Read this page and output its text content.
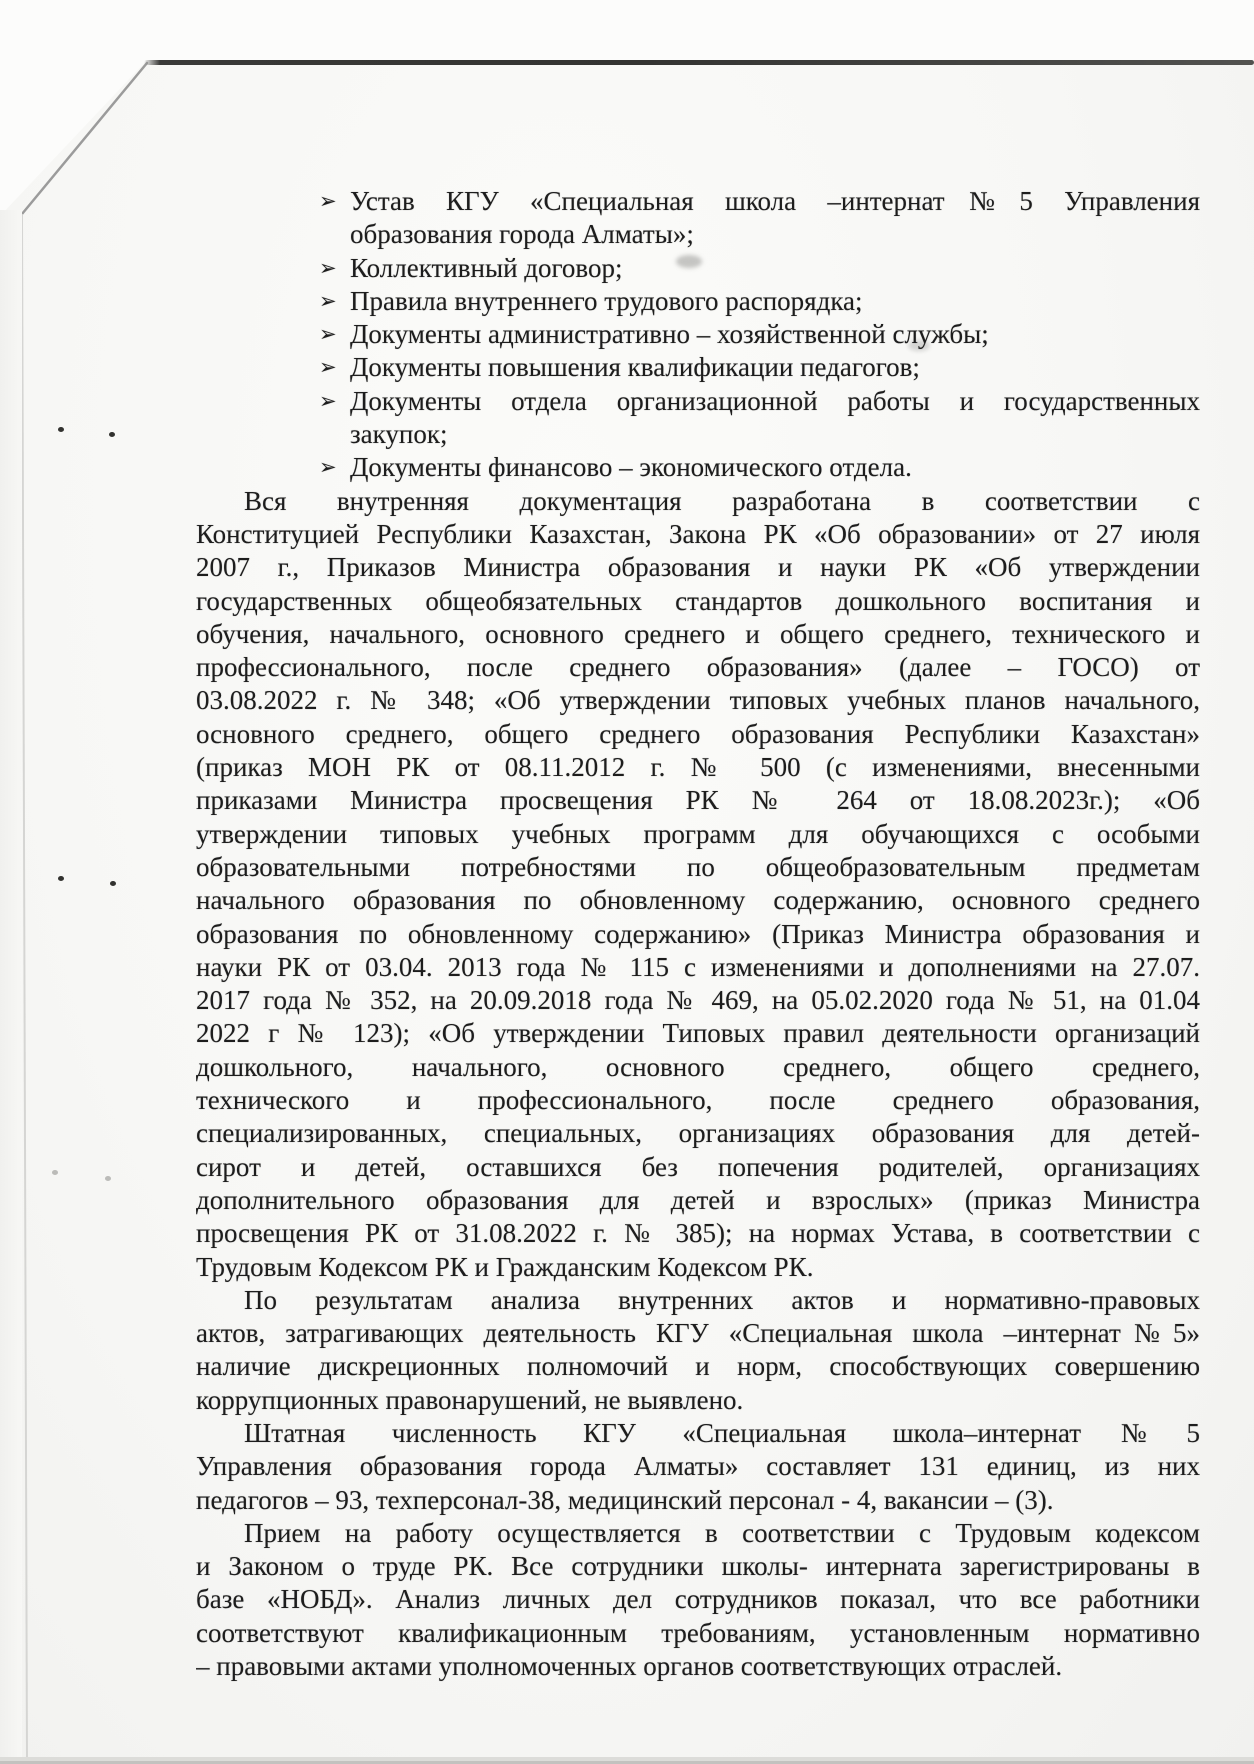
➢ Устав КГУ «Специальная школа –интернат№5 Управления
образования города Алматы»;
➢ Коллективный договор;
➢ Правила внутреннего трудового распорядка;
➢ Документы административно – хозяйственной службы;
➢ Документы повышения квалификации педагогов;
➢ Документы отдела организационной работы и государственных
закупок;
➢ Документы финансово – экономического отдела.
Вся внутренняя документация разработана в соответствии с
Конституцией Республики Казахстан, Закона РК «Об образовании» от 27 июля
2007 г., Приказов Министра образования и науки РК «Об утверждении
государственных общеобязательных стандартов дошкольного воспитания и
обучения, начального, основного среднего и общего среднего, технического и
профессионального, после среднего образования» (далее – ГОСО) от
03.08.2022 г. № 348; «Об утверждении типовых учебных планов начального,
основного среднего, общего среднего образования Республики Казахстан»
(приказ МОН РК от 08.11.2012 г. № 500 (с изменениями, внесенными
приказами Министра просвещения РК № 264 от 18.08.2023г.); «Об
утверждении типовых учебных программ для обучающихся с особыми
образовательными потребностями по общеобразовательным предметам
начального образования по обновленному содержанию, основного среднего
образования по обновленному содержанию» (Приказ Министра образования и
науки РК от 03.04. 2013 года № 115 с изменениями и дополнениями на 27.07.
2017 года № 352, на 20.09.2018 года № 469, на 05.02.2020 года № 51, на 01.04
2022 г № 123); «Об утверждении Типовых правил деятельности организаций
дошкольного, начального, основного среднего, общего среднего,
технического и профессионального, после среднего образования,
специализированных, специальных, организациях образования для детей-
сирот и детей, оставшихся без попечения родителей, организациях
дополнительного образования для детей и взрослых» (приказ Министра
просвещения РК от 31.08.2022 г. № 385); на нормах Устава, в соответствии с
Трудовым Кодексом РК и Гражданским Кодексом РК.
По результатам анализа внутренних актов и нормативно-правовых
актов, затрагивающих деятельность КГУ «Специальная школа –интернат№5»
наличие дискреционных полномочий и норм, способствующих совершению
коррупционных правонарушений, не выявлено.
Штатная численность КГУ «Специальная школа–интернат№5
Управления образования города Алматы» составляет 131 единиц, из них
педагогов – 93, техперсонал-38, медицинский персонал - 4, вакансии – (3).
Прием на работу осуществляется в соответствии с Трудовым кодексом
и Законом о труде РК. Все сотрудники школы- интерната зарегистрированы в
базе «НОБД». Анализ личных дел сотрудников показал, что все работники
соответствуют квалификационным требованиям, установленным нормативно
– правовыми актами уполномоченных органов соответствующих отраслей.
